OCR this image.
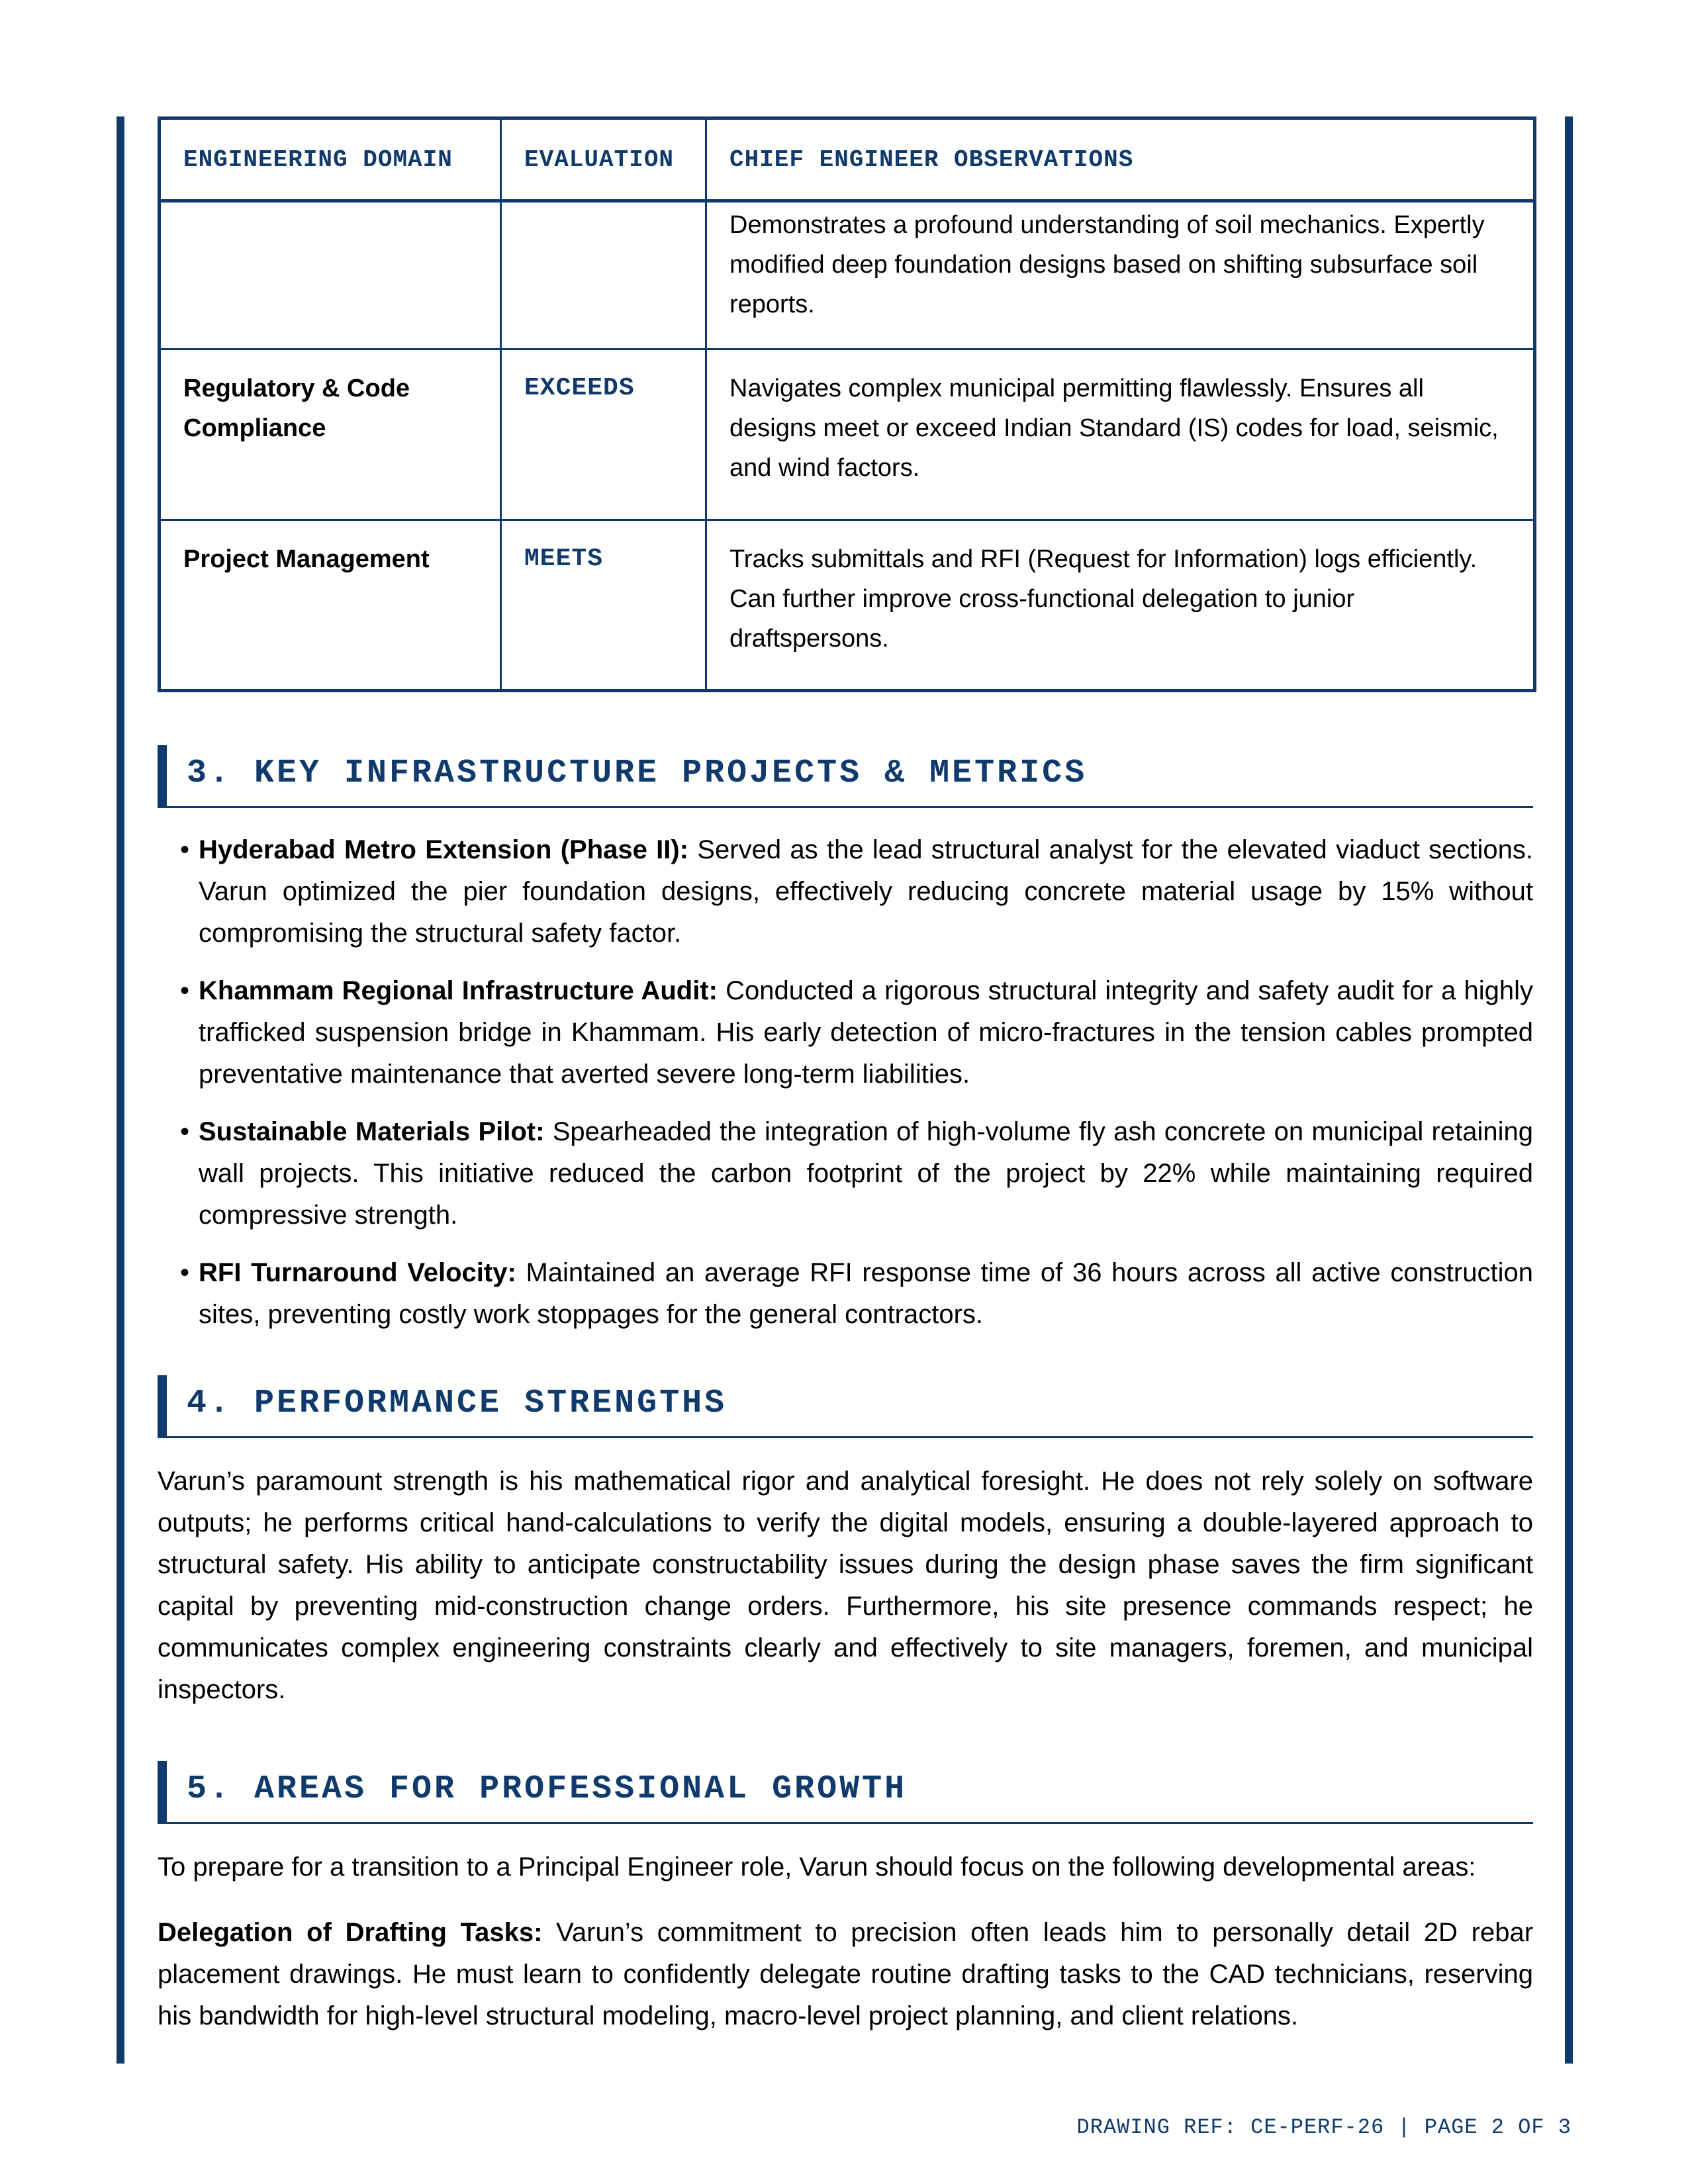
ENGINEERING DOMAIN	EVALUATION	CHIEF ENGINEER OBSERVATIONS
		Demonstrates a profound understanding of soil mechanics. Expertly modified deep foundation designs based on shifting subsurface soil reports.
Regulatory & Code Compliance	EXCEEDS	Navigates complex municipal permitting flawlessly. Ensures all designs meet or exceed Indian Standard (IS) codes for load, seismic, and wind factors.
Project Management	MEETS	Tracks submittals and RFI (Request for Information) logs efficiently. Can further improve cross-functional delegation to junior draftspersons.
3. KEY INFRASTRUCTURE PROJECTS & METRICS
• Hyderabad Metro Extension (Phase II): Served as the lead structural analyst for the elevated viaduct sections. Varun optimized the pier foundation designs, effectively reducing concrete material usage by 15% without compromising the structural safety factor.
• Khammam Regional Infrastructure Audit: Conducted a rigorous structural integrity and safety audit for a highly trafficked suspension bridge in Khammam. His early detection of micro-fractures in the tension cables prompted preventative maintenance that averted severe long-term liabilities.
• Sustainable Materials Pilot: Spearheaded the integration of high-volume fly ash concrete on municipal retaining wall projects. This initiative reduced the carbon footprint of the project by 22% while maintaining required compressive strength.
• RFI Turnaround Velocity: Maintained an average RFI response time of 36 hours across all active construction sites, preventing costly work stoppages for the general contractors.
4. PERFORMANCE STRENGTHS

Varun’s paramount strength is his mathematical rigor and analytical foresight. He does not rely solely on software outputs; he performs critical hand-calculations to verify the digital models, ensuring a double-layered approach to structural safety. His ability to anticipate constructability issues during the design phase saves the firm significant capital by preventing mid-construction change orders. Furthermore, his site presence commands respect; he communicates complex engineering constraints clearly and effectively to site managers, foremen, and municipal inspectors.

5. AREAS FOR PROFESSIONAL GROWTH

To prepare for a transition to a Principal Engineer role, Varun should focus on the following developmental areas:

Delegation of Drafting Tasks: Varun’s commitment to precision often leads him to personally detail 2D rebar placement drawings. He must learn to confidently delegate routine drafting tasks to the CAD technicians, reserving his bandwidth for high-level structural modeling, macro-level project planning, and client relations.

DRAWING REF: CE-PERF-26 | PAGE 2 OF 3
